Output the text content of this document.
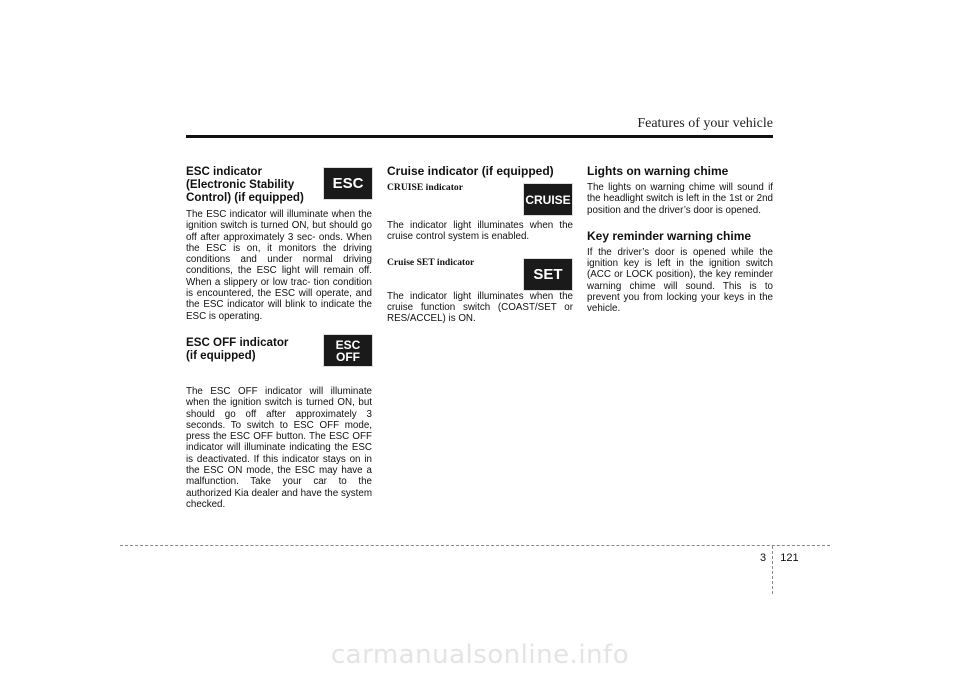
Features of your vehicle

ESC indicator
(Electronic Stability
Control) (if equipped)

The ESC indicator will illuminate when the ignition switch is turned ON, but should go off after approximately 3 sec- onds. When the ESC is on, it monitors the driving conditions and under normal driving conditions, the ESC light will remain off. When a slippery or low trac- tion condition is encountered, the ESC will operate, and the ESC indicator will blink to indicate the ESC is operating.

ESC OFF indicator
(if equipped)

The ESC OFF indicator will illuminate when the ignition switch is turned ON, but should go off after approximately 3 seconds. To switch to ESC OFF mode, press the ESC OFF button. The ESC OFF indicator will illuminate indicating the ESC is deactivated. If this indicator stays on in the ESC ON mode, the ESC may have a malfunction. Take your car to the authorized Kia dealer and have the system checked.

ESC
ESC
OFF

Cruise indicator (if equipped)

CRUISE indicator

The indicator light illuminates when the cruise control system is enabled.

Cruise SET indicator

The indicator light illuminates when the cruise function switch (COAST/SET or RES/ACCEL) is ON.

CRUISE
SET

Lights on warning chime

The lights on warning chime will sound if the headlight switch is left in the 1st or 2nd position and the driver’s door is opened.

Key reminder warning chime

If the driver’s door is opened while the ignition key is left in the ignition switch (ACC or LOCK position), the key reminder warning chime will sound. This is to prevent you from locking your keys in the vehicle.

3 121
carmanualsonline.info
